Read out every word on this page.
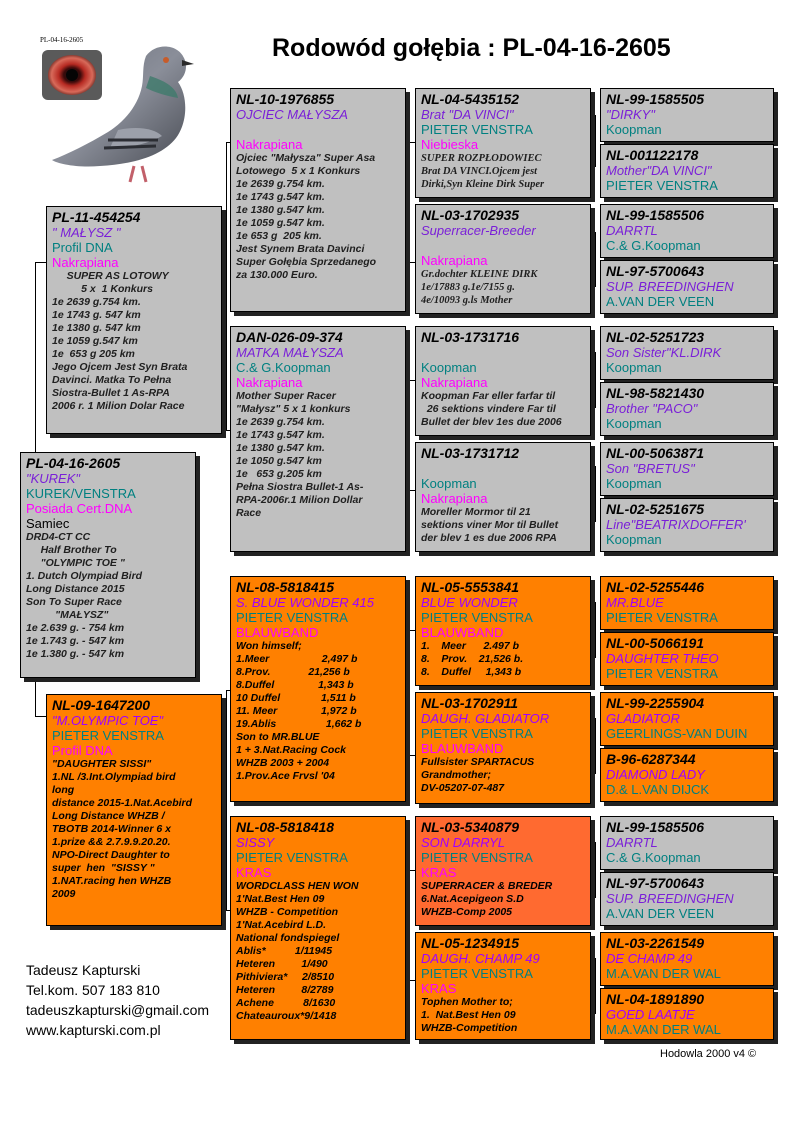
Rodowód gołębia : PL-04-16-2605
PL-04-16-2605
PL-04-16-2605
"KUREK"
KUREK/VENSTRA
Posiada Cert.DNA
Samiec
DRD4-CT CC
Half Brother To
"OLYMPIC TOE "
1. Dutch Olympiad Bird
Long Distance 2015
Son To Super Race
"MAŁYSZ"
1e 2.639 g. - 754 km
1e 1.743 g. - 547 km
1e 1.380 g. - 547 km
PL-11-454254
" MAŁYSZ "
Profil DNA
Nakrapiana
SUPER AS LOTOWY
5 x  1 Konkurs
1e 2639 g.754 km.
1e 1743 g. 547 km
1e 1380 g. 547 km
1e 1059 g.547 km
1e  653 g 205 km
Jego Ojcem Jest Syn Brata
Davinci. Matka To Pełna
Siostra-Bullet 1 As-RPA
2006 r. 1 Milion Dolar Race
NL-09-1647200
"M.OLYMPIC TOE"
PIETER VENSTRA
Profil DNA
"DAUGHTER SISSI"
1.NL /3.Int.Olympiad bird
long
distance 2015-1.Nat.Acebird
Long Distance WHZB /
TBOTB 2014-Winner 6 x
1.prize && 2.7.9.9.20.20.
NPO-Direct Daughter to
super  hen  "SISSY "
1.NAT.racing hen WHZB
2009
NL-10-1976855
OJCIEC MAŁYSZA
Nakrapiana
Ojciec "Małysza" Super Asa
Lotowego  5 x 1 Konkurs
1e 2639 g.754 km.
1e 1743 g.547 km.
1e 1380 g.547 km.
1e 1059 g.547 km.
1e 653 g  205 km.
Jest Synem Brata Davinci
Super Gołębia Sprzedanego
za 130.000 Euro.
DAN-026-09-374
MATKA MAŁYSZA
C.& G.Koopman
Nakrapiana
Mother Super Racer
"Małysz" 5 x 1 konkurs
1e 2639 g.754 km.
1e 1743 g.547 km.
1e 1380 g.547 km.
1e 1050 g.547 km
1e   653 g.205 km
Pełna Siostra Bullet-1 As-
RPA-2006r.1 Milion Dollar
Race
NL-08-5818415
S. BLUE WONDER 415
PIETER VENSTRA
BLAUWBAND
Won himself;
1.Meer                  2,497 b
8.Prov.             21,256 b
8.Duffel               1,343 b
10 Duffel              1,511 b
11. Meer               1,972 b
19.Ablis                 1,662 b
Son to MR.BLUE
1 + 3.Nat.Racing Cock
WHZB 2003 + 2004
1.Prov.Ace Frvsl '04
NL-08-5818418
SISSY
PIETER VENSTRA
KRAS
WORDCLASS HEN WON
1'Nat.Best Hen 09
WHZB - Competition
1'Nat.Acebird L.D.
National fondspiegel
Ablis*          1/11945
Heteren         1/490
Pithiviera*     2/8510
Heteren         8/2789
Achene          8/1630
Chateauroux*9/1418
NL-04-5435152
Brat "DA VINCI"
PIETER VENSTRA
Niebieska
SUPER ROZPŁODOWIEC
Brat DA VINCI.Ojcem jest
Dirki,Syn Kleine Dirk Super
NL-03-1702935
Superracer-Breeder
Nakrapiana
Gr.dochter KLEINE DIRK
1e/17883 g.1e/7155 g.
4e/10093 g.ls Mother
NL-03-1731716
Koopman
Nakrapiana
Koopman Far eller farfar til
26 sektions vindere Far til
Bullet der blev 1es due 2006
NL-03-1731712
Koopman
Nakrapiana
Moreller Mormor til 21
sektions viner Mor til Bullet
der blev 1 es due 2006 RPA
NL-05-5553841
BLUE WONDER
PIETER VENSTRA
BLAUWBAND
1.    Meer      2.497 b
8.    Prov.    21,526 b.
8.    Duffel     1,343 b
NL-03-1702911
DAUGH. GLADIATOR
PIETER VENSTRA
BLAUWBAND
Fullsister SPARTACUS
Grandmother;
DV-05207-07-487
NL-03-5340879
SON DARRYL
PIETER VENSTRA
KRAS
SUPERRACER & BREDER
6.Nat.Acepigeon S.D
WHZB-Comp 2005
NL-05-1234915
DAUGH. CHAMP 49
PIETER VENSTRA
KRAS
Tophen Mother to;
1.  Nat.Best Hen 09
WHZB-Competition
NL-99-1585505
"DIRKY"
Koopman
NL-001122178
Mother"DA VINCI"
PIETER VENSTRA
NL-99-1585506
DARRTL
C.& G.Koopman
NL-97-5700643
SUP. BREEDINGHEN
A.VAN DER VEEN
NL-02-5251723
Son Sister"KL.DIRK
Koopman
NL-98-5821430
Brother "PACO"
Koopman
NL-00-5063871
Son "BRETUS"
Koopman
NL-02-5251675
Line"BEATRIXDOFFER'
Koopman
NL-02-5255446
MR.BLUE
PIETER VENSTRA
NL-00-5066191
DAUGHTER THEO
PIETER VENSTRA
NL-99-2255904
GLADIATOR
GEERLINGS-VAN DUIN
B-96-6287344
DIAMOND LADY
D.& L.VAN DIJCK
NL-99-1585506
DARRTL
C.& G.Koopman
NL-97-5700643
SUP. BREEDINGHEN
A.VAN DER VEEN
NL-03-2261549
DE CHAMP 49
M.A.VAN DER WAL
NL-04-1891890
GOED LAATJE
M.A.VAN DER WAL
Tadeusz Kapturski
Tel.kom. 507 183 810
tadeuszkapturski@gmail.com
www.kapturski.com.pl
Hodowla 2000 v4 ©
